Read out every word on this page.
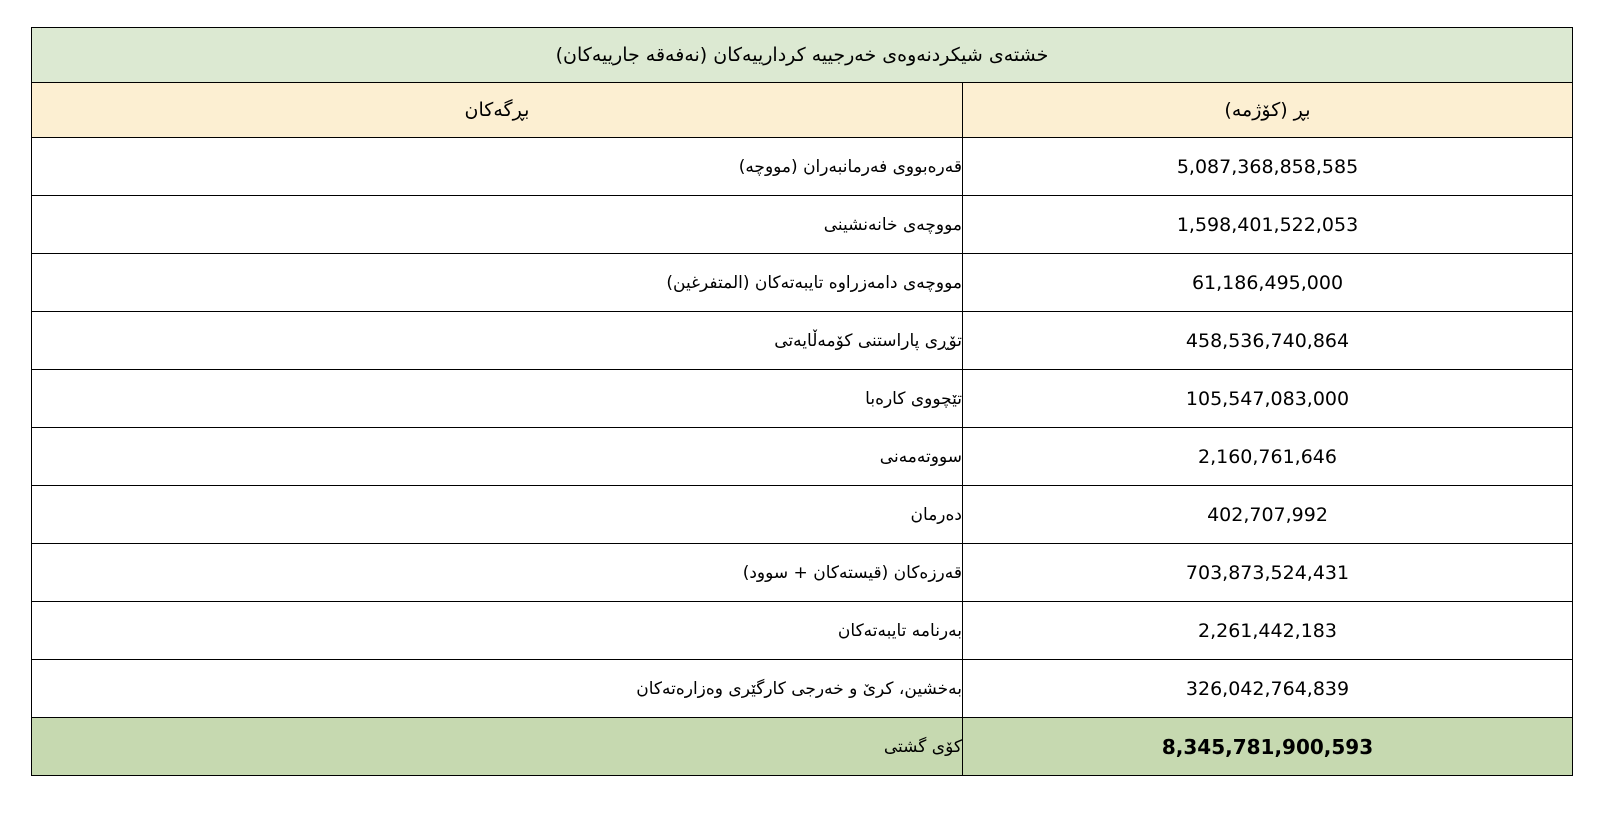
خشتەی شیکردنەوەی خەرجییە کردارییەکان (نەفەقە جارییەکان)	
بڕ (کۆژمە)	بڕگەکان
5,087,368,858,585	قەرەبووی فەرمانبەران (مووچە)
1,598,401,522,053	مووچەی خانەنشینی
61,186,495,000	مووچەی دامەزراوە تایبەتەکان (المتفرغین)
458,536,740,864	تۆڕی پاراستنی کۆمەڵایەتی
105,547,083,000	تێچووی کارەبا
2,160,761,646	سووتەمەنی
402,707,992	دەرمان
703,873,524,431	قەرزەکان (قیستەکان + سوود)
2,261,442,183	بەرنامە تایبەتەکان
326,042,764,839	بەخشین، کرێ و خەرجی کارگێری وەزارەتەکان
8,345,781,900,593	کۆی گشتی
